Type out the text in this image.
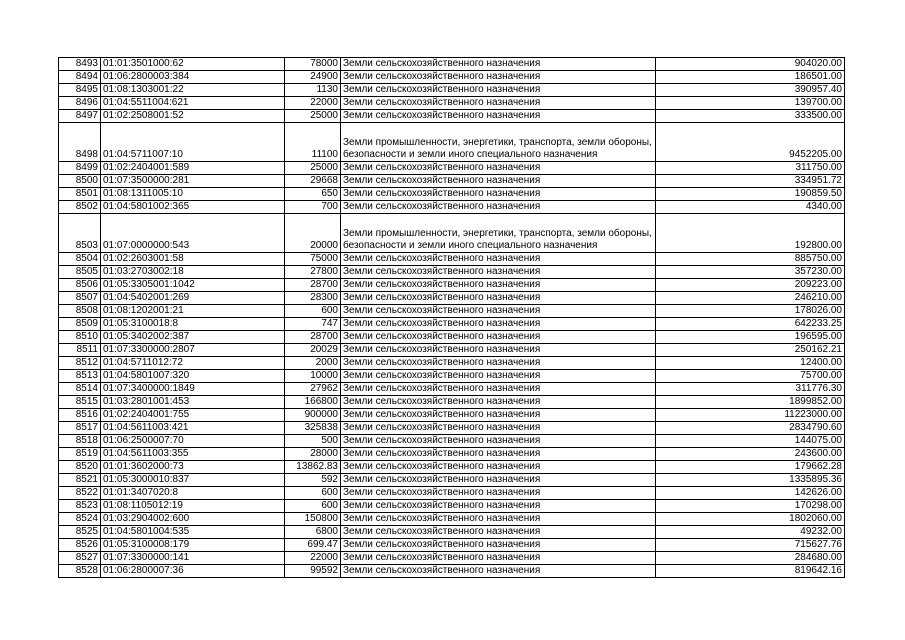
8493	01:01:3501000:62	78000	Земли сельскохозяйственного назначения	904020.00
8494	01:06:2800003:384	24900	Земли сельскохозяйственного назначения	186501.00
8495	01:08:1303001:22	1130	Земли сельскохозяйственного назначения	390957.40
8496	01:04:5511004:621	22000	Земли сельскохозяйственного назначения	139700.00
8497	01:02:2508001:52	25000	Земли сельскохозяйственного назначения	333500.00
8498	01:04:5711007:10	11100	Земли промышленности, энергетики, транспорта, земли обороны, безопасности и земли иного специального назначения	9452205.00
8499	01:02:2404001:589	25000	Земли сельскохозяйственного назначения	311750.00
8500	01:07:3500000:281	29668	Земли сельскохозяйственного назначения	334951.72
8501	01:08:1311005:10	650	Земли сельскохозяйственного назначения	190859.50
8502	01:04:5801002:365	700	Земли сельскохозяйственного назначения	4340.00
8503	01:07:0000000:543	20000	Земли промышленности, энергетики, транспорта, земли обороны, безопасности и земли иного специального назначения	192800.00
8504	01:02:2603001:58	75000	Земли сельскохозяйственного назначения	885750.00
8505	01:03:2703002:18	27800	Земли сельскохозяйственного назначения	357230.00
8506	01:05:3305001:1042	28700	Земли сельскохозяйственного назначения	209223.00
8507	01:04:5402001:269	28300	Земли сельскохозяйственного назначения	246210.00
8508	01:08:1202001:21	600	Земли сельскохозяйственного назначения	178026.00
8509	01:05:3100018:8	747	Земли сельскохозяйственного назначения	642233.25
8510	01:05:3402002:387	28700	Земли сельскохозяйственного назначения	196595.00
8511	01:07:3300000:2807	20029	Земли сельскохозяйственного назначения	250162.21
8512	01:04:5711012:72	2000	Земли сельскохозяйственного назначения	12400.00
8513	01:04:5801007:320	10000	Земли сельскохозяйственного назначения	75700.00
8514	01:07:3400000:1849	27962	Земли сельскохозяйственного назначения	311776.30
8515	01:03:2801001:453	166800	Земли сельскохозяйственного назначения	1899852.00
8516	01:02:2404001:755	900000	Земли сельскохозяйственного назначения	11223000.00
8517	01:04:5611003:421	325838	Земли сельскохозяйственного назначения	2834790.60
8518	01:06:2500007:70	500	Земли сельскохозяйственного назначения	144075.00
8519	01:04:5611003:355	28000	Земли сельскохозяйственного назначения	243600.00
8520	01:01:3602000:73	13862.83	Земли сельскохозяйственного назначения	179662.28
8521	01:05:3000010:837	592	Земли сельскохозяйственного назначения	1335895.36
8522	01:01:3407020:8	600	Земли сельскохозяйственного назначения	142626.00
8523	01:08:1105012:19	600	Земли сельскохозяйственного назначения	170298.00
8524	01:03:2904002:600	150800	Земли сельскохозяйственного назначения	1802060.00
8525	01:04:5801004:535	6800	Земли сельскохозяйственного назначения	49232.00
8526	01:05:3100008:179	699.47	Земли сельскохозяйственного назначения	715627.76
8527	01:07:3300000:141	22000	Земли сельскохозяйственного назначения	284680.00
8528	01:06:2800007:36	99592	Земли сельскохозяйственного назначения	819642.16
